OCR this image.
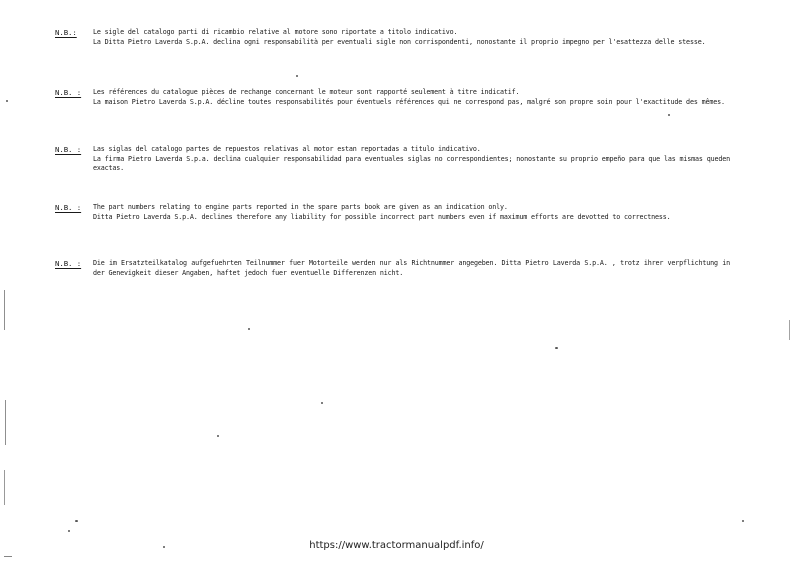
N.B.:	Le sigle del catalogo parti di ricambio relative al motore sono riportate a titolo indicativo.
La Ditta Pietro Laverda S.p.A. declina ogni responsabilità per eventuali sigle non corrispondenti, nonostante il proprio impegno per l'esattezza delle stesse.
N.B. :	Les références du catalogue pièces de rechange concernant le moteur sont rapporté seulement à titre indicatif.
La maison Pietro Laverda S.p.A. décline toutes responsabilités pour éventuels références qui ne correspond pas, malgré son propre soin pour l'exactitude des mêmes.
N.B. :	Las siglas del catalogo partes de repuestos relativas al motor estan reportadas a titulo indicativo.
La firma Pietro Laverda S.p.a. declina cualquier responsabilidad para eventuales siglas no correspondientes; nonostante su proprio empeño para que las mismas queden exactas.
N.B. :	The part numbers relating to engine parts reported in the spare parts book are given as an indication only.
Ditta Pietro Laverda S.p.A. declines therefore any liability for possible incorrect part numbers even if maximum efforts are devotted to correctness.
N.B. :	Die im Ersatzteilkatalog aufgefuehrten Teilnummer fuer Motorteile werden nur als Richtnummer angegeben. Ditta Pietro Laverda S.p.A. , trotz ihrer verpflichtung in der Genevigkeit dieser Angaben, haftet jedoch fuer eventuelle Differenzen nicht.
https://www.tractormanualpdf.info/
